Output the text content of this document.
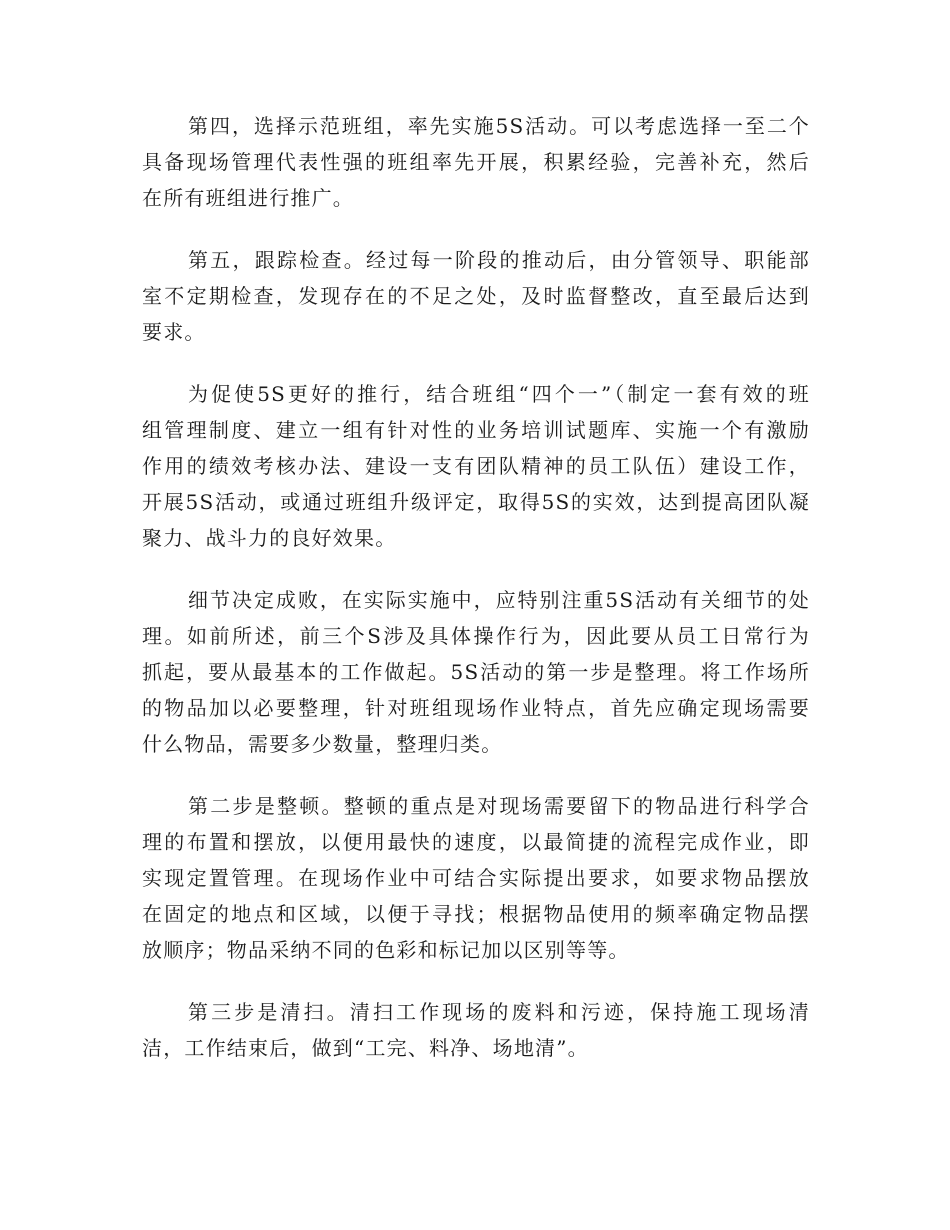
第四，选择示范班组，率先实施5S活动。可以考虑选择一至二个
具备现场管理代表性强的班组率先开展，积累经验，完善补充，然后
在所有班组进行推广。
第五，跟踪检查。经过每一阶段的推动后，由分管领导、职能部
室不定期检查，发现存在的不足之处，及时监督整改，直至最后达到
要求。
为促使5S更好的推行，结合班组“四个一”（制定一套有效的班
组管理制度、建立一组有针对性的业务培训试题库、实施一个有激励
作用的绩效考核办法、建设一支有团队精神的员工队伍）建设工作，
开展5S活动，或通过班组升级评定，取得5S的实效，达到提高团队凝
聚力、战斗力的良好效果。
细节决定成败，在实际实施中，应特别注重5S活动有关细节的处
理。如前所述，前三个S涉及具体操作行为，因此要从员工日常行为
抓起，要从最基本的工作做起。5S活动的第一步是整理。将工作场所
的物品加以必要整理，针对班组现场作业特点，首先应确定现场需要
什么物品，需要多少数量，整理归类。
第二步是整顿。整顿的重点是对现场需要留下的物品进行科学合
理的布置和摆放，以便用最快的速度，以最简捷的流程完成作业，即
实现定置管理。在现场作业中可结合实际提出要求，如要求物品摆放
在固定的地点和区域，以便于寻找；根据物品使用的频率确定物品摆
放顺序；物品采纳不同的色彩和标记加以区别等等。
第三步是清扫。清扫工作现场的废料和污迹，保持施工现场清
洁，工作结束后，做到“工完、料净、场地清”。
